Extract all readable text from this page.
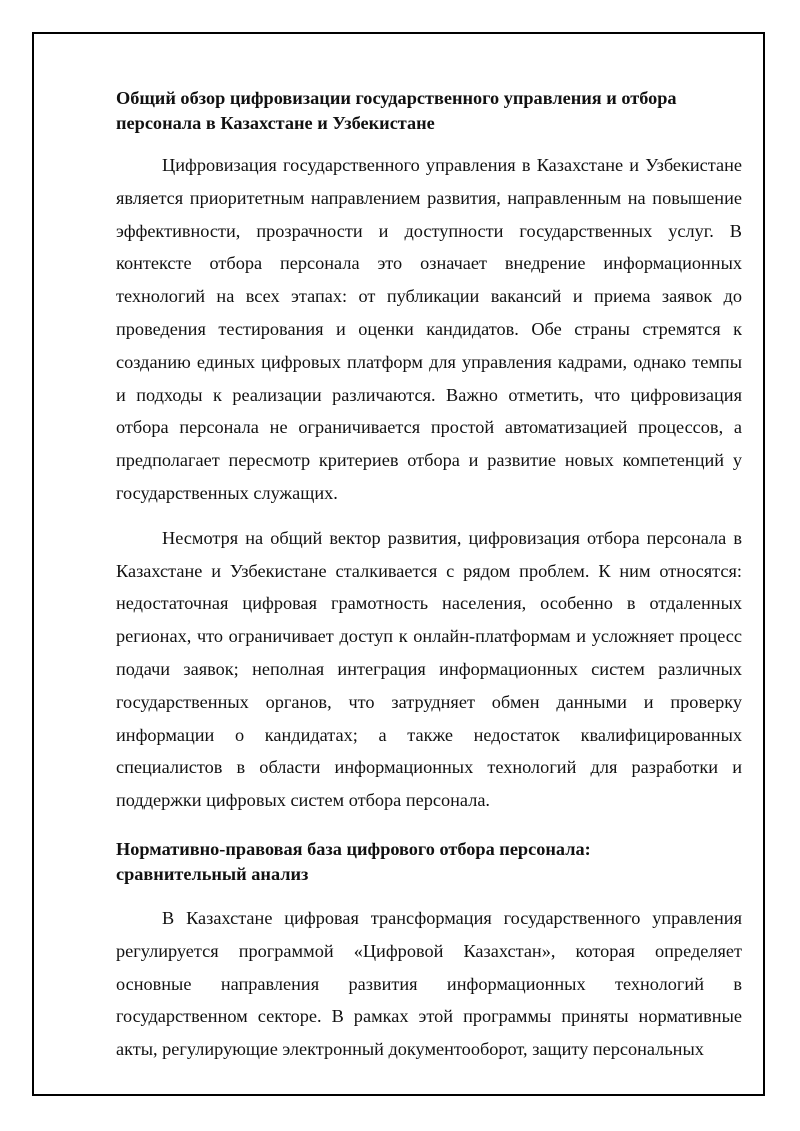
Общий обзор цифровизации государственного управления и отбора
персонала в Казахстане и Узбекистане

Цифровизация государственного управления в Казахстане и Узбекистане является приоритетным направлением развития, направленным на повышение эффективности, прозрачности и доступности государственных услуг. В контексте отбора персонала это означает внедрение информационных технологий на всех этапах: от публикации вакансий и приема заявок до проведения тестирования и оценки кандидатов. Обе страны стремятся к созданию единых цифровых платформ для управления кадрами, однако темпы и подходы к реализации различаются. Важно отметить, что цифровизация отбора персонала не ограничивается простой автоматизацией процессов, а предполагает пересмотр критериев отбора и развитие новых компетенций у государственных служащих.

Несмотря на общий вектор развития, цифровизация отбора персонала в Казахстане и Узбекистане сталкивается с рядом проблем. К ним относятся: недостаточная цифровая грамотность населения, особенно в отдаленных регионах, что ограничивает доступ к онлайн-платформам и усложняет процесс подачи заявок; неполная интеграция информационных систем различных государственных органов, что затрудняет обмен данными и проверку информации о кандидатах; а также недостаток квалифицированных специалистов в области информационных технологий для разработки и поддержки цифровых систем отбора персонала.

Нормативно-правовая база цифрового отбора персонала:
сравнительный анализ

В Казахстане цифровая трансформация государственного управления регулируется программой «Цифровой Казахстан», которая определяет основные направления развития информационных технологий в государственном секторе. В рамках этой программы приняты нормативные акты, регулирующие электронный документооборот, защиту персональных
